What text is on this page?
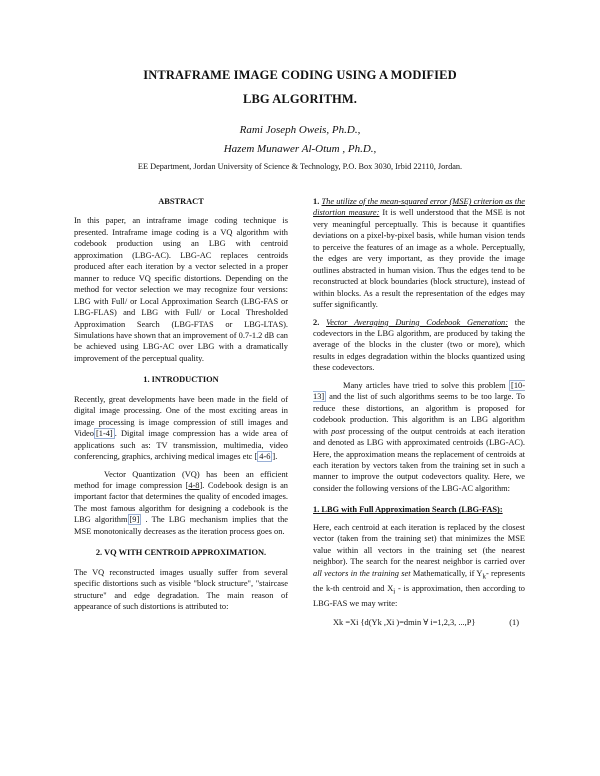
INTRAFRAME IMAGE CODING USING A MODIFIED
LBG ALGORITHM.
Rami Joseph Oweis, Ph.D.,
Hazem Munawer Al-Otum , Ph.D.,
EE Department, Jordan University of Science & Technology, P.O. Box 3030, Irbid 22110, Jordan.
ABSTRACT

In this paper, an intraframe image coding technique is presented. Intraframe image coding is a VQ algorithm with codebook production using an LBG with centroid approximation (LBG-AC). LBG-AC replaces centroids produced after each iteration by a vector selected in a proper manner to reduce VQ specific distortions. Depending on the method for vector selection we may recognize four versions: LBG with Full/ or Local Approximation Search (LBG-FAS or LBG-FLAS) and LBG with Full/ or Local Thresholded Approximation Search (LBG-FTAS or LBG-LTAS). Simulations have shown that an improvement of 0.7-1.2 dB can be achieved using LBG-AC over LBG with a dramatically improvement of the perceptual quality.

1. INTRODUCTION

Recently, great developments have been made in the field of digital image processing. One of the most exciting areas in image processing is image compression of still images and Video [1-4] . Digital image compression has a wide area of applications such as: TV transmission, multimedia, video conferencing, graphics, archiving medical images etc [ 4-6 ].

Vector Quantization (VQ) has been an efficient method for image compression [4-8]. Codebook design is an important factor that determines the quality of encoded images. The most famous algorithm for designing a codebook is the LBG algorithm [9] . The LBG mechanism implies that the MSE monotonically decreases as the iteration process goes on.

2. VQ WITH CENTROID APPROXIMATION.

The VQ reconstructed images usually suffer from several specific distortions such as visible "block structure", "staircase structure" and edge degradation. The main reason of appearance of such distortions is attributed to:

1. The utilize of the mean-squared error (MSE) criterion as the distortion measure: It is well understood that the MSE is not very meaningful perceptually. This is because it quantifies deviations on a pixel-by-pixel basis, while human vision tends to perceive the features of an image as a whole. Perceptually, the edges are very important, as they provide the image outlines abstracted in human vision. Thus the edges tend to be reconstructed at block boundaries (block structure), instead of within blocks. As a result the representation of the edges may suffer significantly.

2. Vector Averaging During Codebook Generation: the codevectors in the LBG algorithm, are produced by taking the average of the blocks in the cluster (two or more), which results in edges degradation within the blocks quantized using these codevectors.

Many articles have tried to solve this problem [10-13] and the list of such algorithms seems to be too large. To reduce these distortions, an algorithm is proposed for codebook production. This algorithm is an LBG algorithm with post processing of the output centroids at each iteration and denoted as LBG with approximated centroids (LBG-AC). Here, the approximation means the replacement of centroids at each iteration by vectors taken from the training set in such a manner to improve the output codevectors quality. Here, we consider the following versions of the LBG-AC algorithm:

1. LBG with Full Approximation Search (LBG-FAS):

Here, each centroid at each iteration is replaced by the closest vector (taken from the training set) that minimizes the MSE value within all vectors in the training set (the nearest neighbor). The search for the nearest neighbor is carried over all vectors in the training set Mathematically, if $Y_k-$ represents the k-th centroid and $X_i$ - is approximation, then according to LBG-FAS we may write:

Xk =Xi {d(Yk ,Xi )=dmin ∀ i=1,2,3, ...,P}	(1)
